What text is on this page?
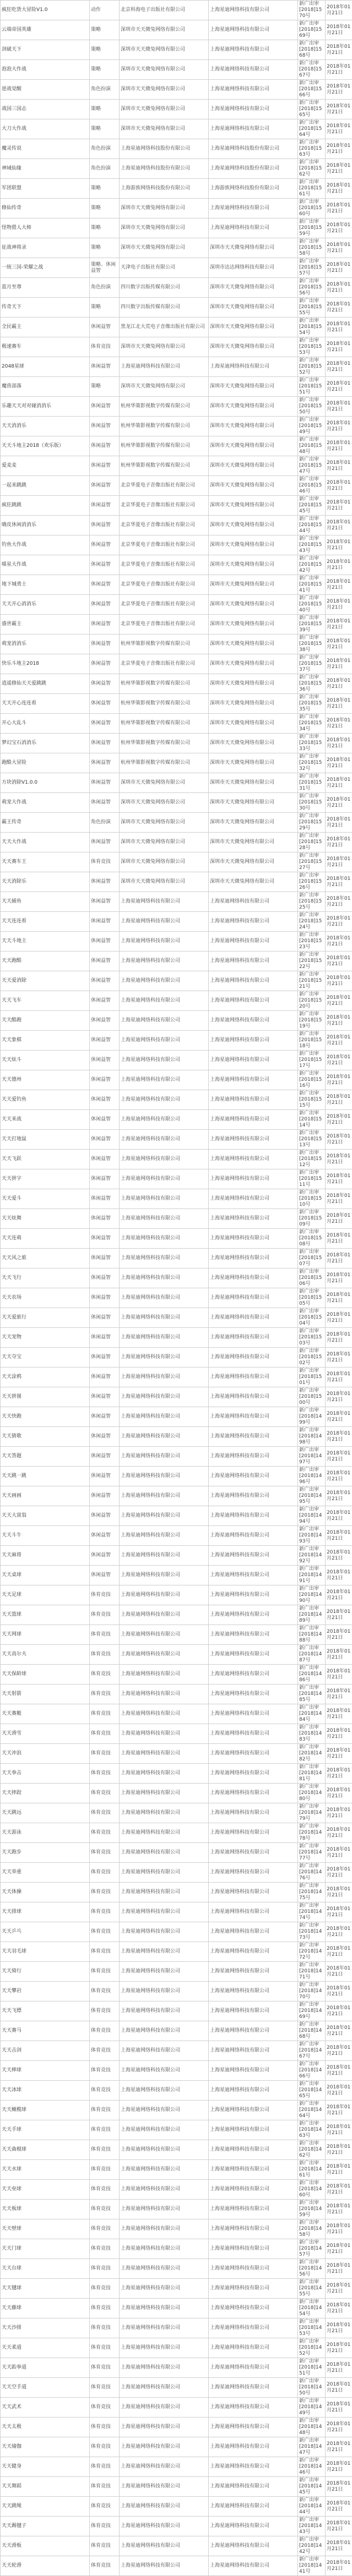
疯狂吃货大冒险V1.0	动作	北京科海电子出版社有限公司	上海星迪网络科技有限公司	新广出审[2018]1570号	2018年01月21日
云端帝国英雄	策略	深圳市天天微兔网络有限公司	上海星迪网络科技有限公司	新广出审[2018]1569号	2018年01月21日
剑破天下	策略	深圳市天天微兔网络有限公司	上海星迪网络科技有限公司	新广出审[2018]1568号	2018年01月21日
泡泡大作战	策略	深圳市天天微兔网络有限公司	上海星迪网络科技有限公司	新广出审[2018]1567号	2018年01月21日
逆战觉醒	角色扮演	深圳市天天微兔网络有限公司	上海星迪网络科技有限公司	新广出审[2018]1566号	2018年01月21日
战国三国志	策略	深圳市天天微兔网络有限公司	上海星迪网络科技有限公司	新广出审[2018]1565号	2018年01月21日
大刀大作战	策略	深圳市天天微兔网络有限公司	上海星迪网络科技有限公司	新广出审[2018]1564号	2018年01月21日
魔灵传说	角色扮演	上海星迪网络科技股份有限公司	上海星迪网络科技股份有限公司	新广出审[2018]1563号	2018年01月21日
神域仙缘	角色扮演	上海星迪网络科技股份有限公司	上海星迪网络科技股份有限公司	新广出审[2018]1562号	2018年01月21日
军团联盟	策略	上海游族网络科技股份有限公司	上海游族网络科技股份有限公司	新广出审[2018]1561号	2018年01月21日
修仙传奇	策略	深圳市天天微兔网络有限公司	上海星迪网络科技有限公司	新广出审[2018]1560号	2018年01月21日
怪物猎人大师	策略	深圳市天天微兔网络有限公司	上海星迪网络科技有限公司	新广出审[2018]1559号	2018年01月21日
征战神将录	策略	深圳市天天微兔网络有限公司	深圳市天天微兔网络有限公司	新广出审[2018]1558号	2018年01月21日
一统三国-荣耀之战	策略、休闲益智	天津电子出版社有限公司	深圳市达达网络科技有限公司	新广出审[2018]1557号	2018年01月21日
蓝月至尊	角色扮演	四川数字出版传媒有限公司	深圳市天天微兔网络有限公司	新广出审[2018]1556号	2018年01月21日
传奇天下	策略	四川数字出版传媒有限公司	深圳市天天微兔网络有限公司	新广出审[2018]1555号	2018年01月21日
全民霸主	休闲益智	黑龙江北大荒电子音像出版社有限公司	深圳市天天微兔网络有限公司	新广出审[2018]1554号	2018年01月21日
极速赛车	体育竞技	深圳市天天微兔网络有限公司	深圳市天天微兔网络有限公司	新广出审[2018]1553号	2018年01月21日
2048星球	休闲益智	上海星迪网络科技有限公司	上海星迪网络科技有限公司	新广出审[2018]1552号	2018年01月21日
魔兽部落	策略	深圳市天天微兔网络有限公司	深圳市天天微兔网络有限公司	新广出审[2018]1551号	2018年01月21日
乐趣天天对对碰消消乐	休闲益智	杭州华策影视数字传媒有限公司	深圳市天天微兔网络有限公司	新广出审[2018]1550号	2018年01月21日
天天消消乐	休闲益智	杭州华策影视数字传媒有限公司	深圳市天天微兔网络有限公司	新广出审[2018]1549号	2018年01月21日
天天斗地主2018（欢乐版）	休闲益智	杭州华策影视数字传媒有限公司	深圳市天天微兔网络有限公司	新广出审[2018]1548号	2018年01月21日
爱麦麦	休闲益智	杭州华策影视数字传媒有限公司	深圳市天天微兔网络有限公司	新广出审[2018]1547号	2018年01月21日
一起来跳跳	休闲益智	北京华夏电子音像出版社有限公司	深圳市天天微兔网络有限公司	新广出审[2018]1546号	2018年01月21日
疯狂跳跳	休闲益智	北京华夏电子音像出版社有限公司	深圳市天天微兔网络有限公司	新广出审[2018]1545号	2018年01月21日
嗨皮休闲消消乐	休闲益智	北京华夏电子音像出版社有限公司	深圳市天天微兔网络有限公司	新广出审[2018]1544号	2018年01月21日
钓鱼大作战	休闲益智	北京华夏电子音像出版社有限公司	深圳市天天微兔网络有限公司	新广出审[2018]1543号	2018年01月21日
喵星大作战	休闲益智	北京华夏电子音像出版社有限公司	深圳市天天微兔网络有限公司	新广出审[2018]1542号	2018年01月21日
地下城勇士	休闲益智	北京华夏电子音像出版社有限公司	深圳市天天微兔网络有限公司	新广出审[2018]1541号	2018年01月21日
天天开心消消乐	休闲益智	北京华夏电子音像出版社有限公司	深圳市天天微兔网络有限公司	新广出审[2018]1540号	2018年01月21日
盛世霸主	休闲益智	北京华夏电子音像出版社有限公司	深圳市天天微兔网络有限公司	新广出审[2018]1539号	2018年01月21日
萌宠消消乐	休闲益智	杭州华策影视数字传媒有限公司	深圳市天天微兔网络有限公司	新广出审[2018]1538号	2018年01月21日
快乐斗地主2018	休闲益智	北京华夏电子音像出版社有限公司	深圳市天天微兔网络有限公司	新广出审[2018]1537号	2018年01月21日
逍遥修仙天天爱跳跳	休闲益智	杭州华策影视数字传媒有限公司	深圳市天天微兔网络有限公司	新广出审[2018]1536号	2018年01月21日
天天开心连连看	休闲益智	杭州华策影视数字传媒有限公司	深圳市天天微兔网络有限公司	新广出审[2018]1535号	2018年01月21日
开心大乱斗	休闲益智	杭州华策影视数字传媒有限公司	深圳市天天微兔网络有限公司	新广出审[2018]1534号	2018年01月21日
梦幻宝石消消乐	休闲益智	杭州华策影视数字传媒有限公司	深圳市天天微兔网络有限公司	新广出审[2018]1533号	2018年01月21日
跑酷大冒险	休闲益智	杭州华策影视数字传媒有限公司	深圳市天天微兔网络有限公司	新广出审[2018]1532号	2018年01月21日
方块消除V1.0.0	休闲益智	深圳市天天微兔网络有限公司	深圳市天天微兔网络有限公司	新广出审[2018]1531号	2018年01月21日
萌宠大作战	休闲益智	深圳市天天微兔网络有限公司	深圳市天天微兔网络有限公司	新广出审[2018]1530号	2018年01月21日
霸王传奇	角色扮演	深圳市天天微兔网络有限公司	深圳市天天微兔网络有限公司	新广出审[2018]1529号	2018年01月21日
天天大作战	休闲益智	深圳市天天微兔网络有限公司	深圳市天天微兔网络有限公司	新广出审[2018]1528号	2018年01月21日
天天赛车王	体育竞技	深圳市天天微兔网络有限公司	深圳市天天微兔网络有限公司	新广出审[2018]1527号	2018年01月21日
天天消除乐	休闲益智	深圳市天天微兔网络有限公司	深圳市天天微兔网络有限公司	新广出审[2018]1526号	2018年01月21日
天天捕鱼	休闲益智	上海星迪网络科技有限公司	上海星迪网络科技有限公司	新广出审[2018]1525号	2018年01月21日
天天连连看	休闲益智	上海星迪网络科技有限公司	上海星迪网络科技有限公司	新广出审[2018]1524号	2018年01月21日
天天斗地主	休闲益智	上海星迪网络科技有限公司	上海星迪网络科技有限公司	新广出审[2018]1523号	2018年01月21日
天天跑酷	休闲益智	上海星迪网络科技有限公司	上海星迪网络科技有限公司	新广出审[2018]1522号	2018年01月21日
天天爱消除	休闲益智	上海星迪网络科技有限公司	上海星迪网络科技有限公司	新广出审[2018]1521号	2018年01月21日
天天飞车	休闲益智	上海星迪网络科技有限公司	上海星迪网络科技有限公司	新广出审[2018]1520号	2018年01月21日
天天酷跑	休闲益智	上海星迪网络科技有限公司	上海星迪网络科技有限公司	新广出审[2018]1519号	2018年01月21日
天天象棋	休闲益智	上海星迪网络科技有限公司	上海星迪网络科技有限公司	新广出审[2018]1518号	2018年01月21日
天天炫斗	休闲益智	上海星迪网络科技有限公司	上海星迪网络科技有限公司	新广出审[2018]1517号	2018年01月21日
天天德州	休闲益智	上海星迪网络科技有限公司	上海星迪网络科技有限公司	新广出审[2018]1516号	2018年01月21日
天天爱钓鱼	休闲益智	上海星迪网络科技有限公司	上海星迪网络科技有限公司	新广出审[2018]1515号	2018年01月21日
天天来战	休闲益智	上海星迪网络科技有限公司	上海星迪网络科技有限公司	新广出审[2018]1514号	2018年01月21日
天天打地鼠	休闲益智	上海星迪网络科技有限公司	上海星迪网络科技有限公司	新广出审[2018]1513号	2018年01月21日
天天飞跃	休闲益智	上海星迪网络科技有限公司	上海星迪网络科技有限公司	新广出审[2018]1512号	2018年01月21日
天天拼字	休闲益智	上海星迪网络科技有限公司	上海星迪网络科技有限公司	新广出审[2018]1511号	2018年01月21日
天天爱斗	休闲益智	上海星迪网络科技有限公司	上海星迪网络科技有限公司	新广出审[2018]1510号	2018年01月21日
天天炫舞	休闲益智	上海星迪网络科技有限公司	上海星迪网络科技有限公司	新广出审[2018]1509号	2018年01月21日
天天连萌	休闲益智	上海星迪网络科技有限公司	上海星迪网络科技有限公司	新广出审[2018]1508号	2018年01月21日
天天风之旅	休闲益智	上海星迪网络科技有限公司	上海星迪网络科技有限公司	新广出审[2018]1507号	2018年01月21日
天天飞行	休闲益智	上海星迪网络科技有限公司	上海星迪网络科技有限公司	新广出审[2018]1506号	2018年01月21日
天天农场	休闲益智	上海星迪网络科技有限公司	上海星迪网络科技有限公司	新广出审[2018]1505号	2018年01月21日
天天爱旅行	休闲益智	上海星迪网络科技有限公司	上海星迪网络科技有限公司	新广出审[2018]1504号	2018年01月21日
天天宠物	休闲益智	上海星迪网络科技有限公司	上海星迪网络科技有限公司	新广出审[2018]1503号	2018年01月21日
天天夺宝	休闲益智	上海星迪网络科技有限公司	上海星迪网络科技有限公司	新广出审[2018]1502号	2018年01月21日
天天涂鸦	休闲益智	上海星迪网络科技有限公司	上海星迪网络科技有限公司	新广出审[2018]1501号	2018年01月21日
天天拼图	休闲益智	上海星迪网络科技有限公司	上海星迪网络科技有限公司	新广出审[2018]1500号	2018年01月21日
天天快跑	休闲益智	上海星迪网络科技有限公司	上海星迪网络科技有限公司	新广出审[2018]1499号	2018年01月21日
天天猜歌	休闲益智	上海星迪网络科技有限公司	上海星迪网络科技有限公司	新广出审[2018]1498号	2018年01月21日
天天答题	休闲益智	上海星迪网络科技有限公司	上海星迪网络科技有限公司	新广出审[2018]1497号	2018年01月21日
天天跳一跳	休闲益智	上海星迪网络科技有限公司	上海星迪网络科技有限公司	新广出审[2018]1496号	2018年01月21日
天天画画	休闲益智	上海星迪网络科技有限公司	上海星迪网络科技有限公司	新广出审[2018]1495号	2018年01月21日
天天大富翁	休闲益智	上海星迪网络科技有限公司	上海星迪网络科技有限公司	新广出审[2018]1494号	2018年01月21日
天天斗牛	休闲益智	上海星迪网络科技有限公司	上海星迪网络科技有限公司	新广出审[2018]1493号	2018年01月21日
天天麻将	休闲益智	上海星迪网络科技有限公司	上海星迪网络科技有限公司	新广出审[2018]1492号	2018年01月21日
天天桌球	休闲益智	上海星迪网络科技有限公司	上海星迪网络科技有限公司	新广出审[2018]1491号	2018年01月21日
天天足球	体育竞技	上海星迪网络科技有限公司	上海星迪网络科技有限公司	新广出审[2018]1490号	2018年01月21日
天天篮球	体育竞技	上海星迪网络科技有限公司	上海星迪网络科技有限公司	新广出审[2018]1489号	2018年01月21日
天天网球	体育竞技	上海星迪网络科技有限公司	上海星迪网络科技有限公司	新广出审[2018]1488号	2018年01月21日
天天高尔夫	体育竞技	上海星迪网络科技有限公司	上海星迪网络科技有限公司	新广出审[2018]1487号	2018年01月21日
天天保龄球	体育竞技	上海星迪网络科技有限公司	上海星迪网络科技有限公司	新广出审[2018]1486号	2018年01月21日
天天射箭	体育竞技	上海星迪网络科技有限公司	上海星迪网络科技有限公司	新广出审[2018]1485号	2018年01月21日
天天赛艇	体育竞技	上海星迪网络科技有限公司	上海星迪网络科技有限公司	新广出审[2018]1484号	2018年01月21日
天天滑雪	体育竞技	上海星迪网络科技有限公司	上海星迪网络科技有限公司	新广出审[2018]1483号	2018年01月21日
天天冲浪	体育竞技	上海星迪网络科技有限公司	上海星迪网络科技有限公司	新广出审[2018]1482号	2018年01月21日
天天拳击	体育竞技	上海星迪网络科技有限公司	上海星迪网络科技有限公司	新广出审[2018]1481号	2018年01月21日
天天摔跤	体育竞技	上海星迪网络科技有限公司	上海星迪网络科技有限公司	新广出审[2018]1480号	2018年01月21日
天天跳远	体育竞技	上海星迪网络科技有限公司	上海星迪网络科技有限公司	新广出审[2018]1479号	2018年01月21日
天天游泳	体育竞技	上海星迪网络科技有限公司	上海星迪网络科技有限公司	新广出审[2018]1478号	2018年01月21日
天天跑步	体育竞技	上海星迪网络科技有限公司	上海星迪网络科技有限公司	新广出审[2018]1477号	2018年01月21日
天天举重	体育竞技	上海星迪网络科技有限公司	上海星迪网络科技有限公司	新广出审[2018]1476号	2018年01月21日
天天体操	体育竞技	上海星迪网络科技有限公司	上海星迪网络科技有限公司	新广出审[2018]1475号	2018年01月21日
天天排球	体育竞技	上海星迪网络科技有限公司	上海星迪网络科技有限公司	新广出审[2018]1474号	2018年01月21日
天天乒乓	体育竞技	上海星迪网络科技有限公司	上海星迪网络科技有限公司	新广出审[2018]1473号	2018年01月21日
天天羽毛球	体育竞技	上海星迪网络科技有限公司	上海星迪网络科技有限公司	新广出审[2018]1472号	2018年01月21日
天天骑行	体育竞技	上海星迪网络科技有限公司	上海星迪网络科技有限公司	新广出审[2018]1471号	2018年01月21日
天天攀岩	体育竞技	上海星迪网络科技有限公司	上海星迪网络科技有限公司	新广出审[2018]1470号	2018年01月21日
天天飞镖	体育竞技	上海星迪网络科技有限公司	上海星迪网络科技有限公司	新广出审[2018]1469号	2018年01月21日
天天赛马	体育竞技	上海星迪网络科技有限公司	上海星迪网络科技有限公司	新广出审[2018]1468号	2018年01月21日
天天击剑	体育竞技	上海星迪网络科技有限公司	上海星迪网络科技有限公司	新广出审[2018]1467号	2018年01月21日
天天棒球	体育竞技	上海星迪网络科技有限公司	上海星迪网络科技有限公司	新广出审[2018]1466号	2018年01月21日
天天冰球	体育竞技	上海星迪网络科技有限公司	上海星迪网络科技有限公司	新广出审[2018]1465号	2018年01月21日
天天橄榄球	体育竞技	上海星迪网络科技有限公司	上海星迪网络科技有限公司	新广出审[2018]1464号	2018年01月21日
天天手球	体育竞技	上海星迪网络科技有限公司	上海星迪网络科技有限公司	新广出审[2018]1463号	2018年01月21日
天天曲棍球	体育竞技	上海星迪网络科技有限公司	上海星迪网络科技有限公司	新广出审[2018]1462号	2018年01月21日
天天水球	体育竞技	上海星迪网络科技有限公司	上海星迪网络科技有限公司	新广出审[2018]1461号	2018年01月21日
天天垒球	体育竞技	上海星迪网络科技有限公司	上海星迪网络科技有限公司	新广出审[2018]1460号	2018年01月21日
天天板球	体育竞技	上海星迪网络科技有限公司	上海星迪网络科技有限公司	新广出审[2018]1459号	2018年01月21日
天天壁球	体育竞技	上海星迪网络科技有限公司	上海星迪网络科技有限公司	新广出审[2018]1458号	2018年01月21日
天天门球	体育竞技	上海星迪网络科技有限公司	上海星迪网络科技有限公司	新广出审[2018]1457号	2018年01月21日
天天台球	体育竞技	上海星迪网络科技有限公司	上海星迪网络科技有限公司	新广出审[2018]1456号	2018年01月21日
天天毽球	体育竞技	上海星迪网络科技有限公司	上海星迪网络科技有限公司	新广出审[2018]1455号	2018年01月21日
天天藤球	体育竞技	上海星迪网络科技有限公司	上海星迪网络科技有限公司	新广出审[2018]1454号	2018年01月21日
天天沙排	体育竞技	上海星迪网络科技有限公司	上海星迪网络科技有限公司	新广出审[2018]1453号	2018年01月21日
天天柔道	体育竞技	上海星迪网络科技有限公司	上海星迪网络科技有限公司	新广出审[2018]1452号	2018年01月21日
天天跆拳道	体育竞技	上海星迪网络科技有限公司	上海星迪网络科技有限公司	新广出审[2018]1451号	2018年01月21日
天天空手道	体育竞技	上海星迪网络科技有限公司	上海星迪网络科技有限公司	新广出审[2018]1450号	2018年01月21日
天天武术	体育竞技	上海星迪网络科技有限公司	上海星迪网络科技有限公司	新广出审[2018]1449号	2018年01月21日
天天太极	体育竞技	上海星迪网络科技有限公司	上海星迪网络科技有限公司	新广出审[2018]1448号	2018年01月21日
天天瑜伽	体育竞技	上海星迪网络科技有限公司	上海星迪网络科技有限公司	新广出审[2018]1447号	2018年01月21日
天天健身	体育竞技	上海星迪网络科技有限公司	上海星迪网络科技有限公司	新广出审[2018]1446号	2018年01月21日
天天舞蹈	体育竞技	上海星迪网络科技有限公司	上海星迪网络科技有限公司	新广出审[2018]1445号	2018年01月21日
天天跳绳	体育竞技	上海星迪网络科技有限公司	上海星迪网络科技有限公司	新广出审[2018]1444号	2018年01月21日
天天踢毽子	体育竞技	上海星迪网络科技有限公司	上海星迪网络科技有限公司	新广出审[2018]1443号	2018年01月21日
天天滑板	体育竞技	上海星迪网络科技有限公司	上海星迪网络科技有限公司	新广出审[2018]1442号	2018年01月21日
天天轮滑	体育竞技	上海星迪网络科技有限公司	上海星迪网络科技有限公司	新广出审[2018]1441号	2018年01月21日
